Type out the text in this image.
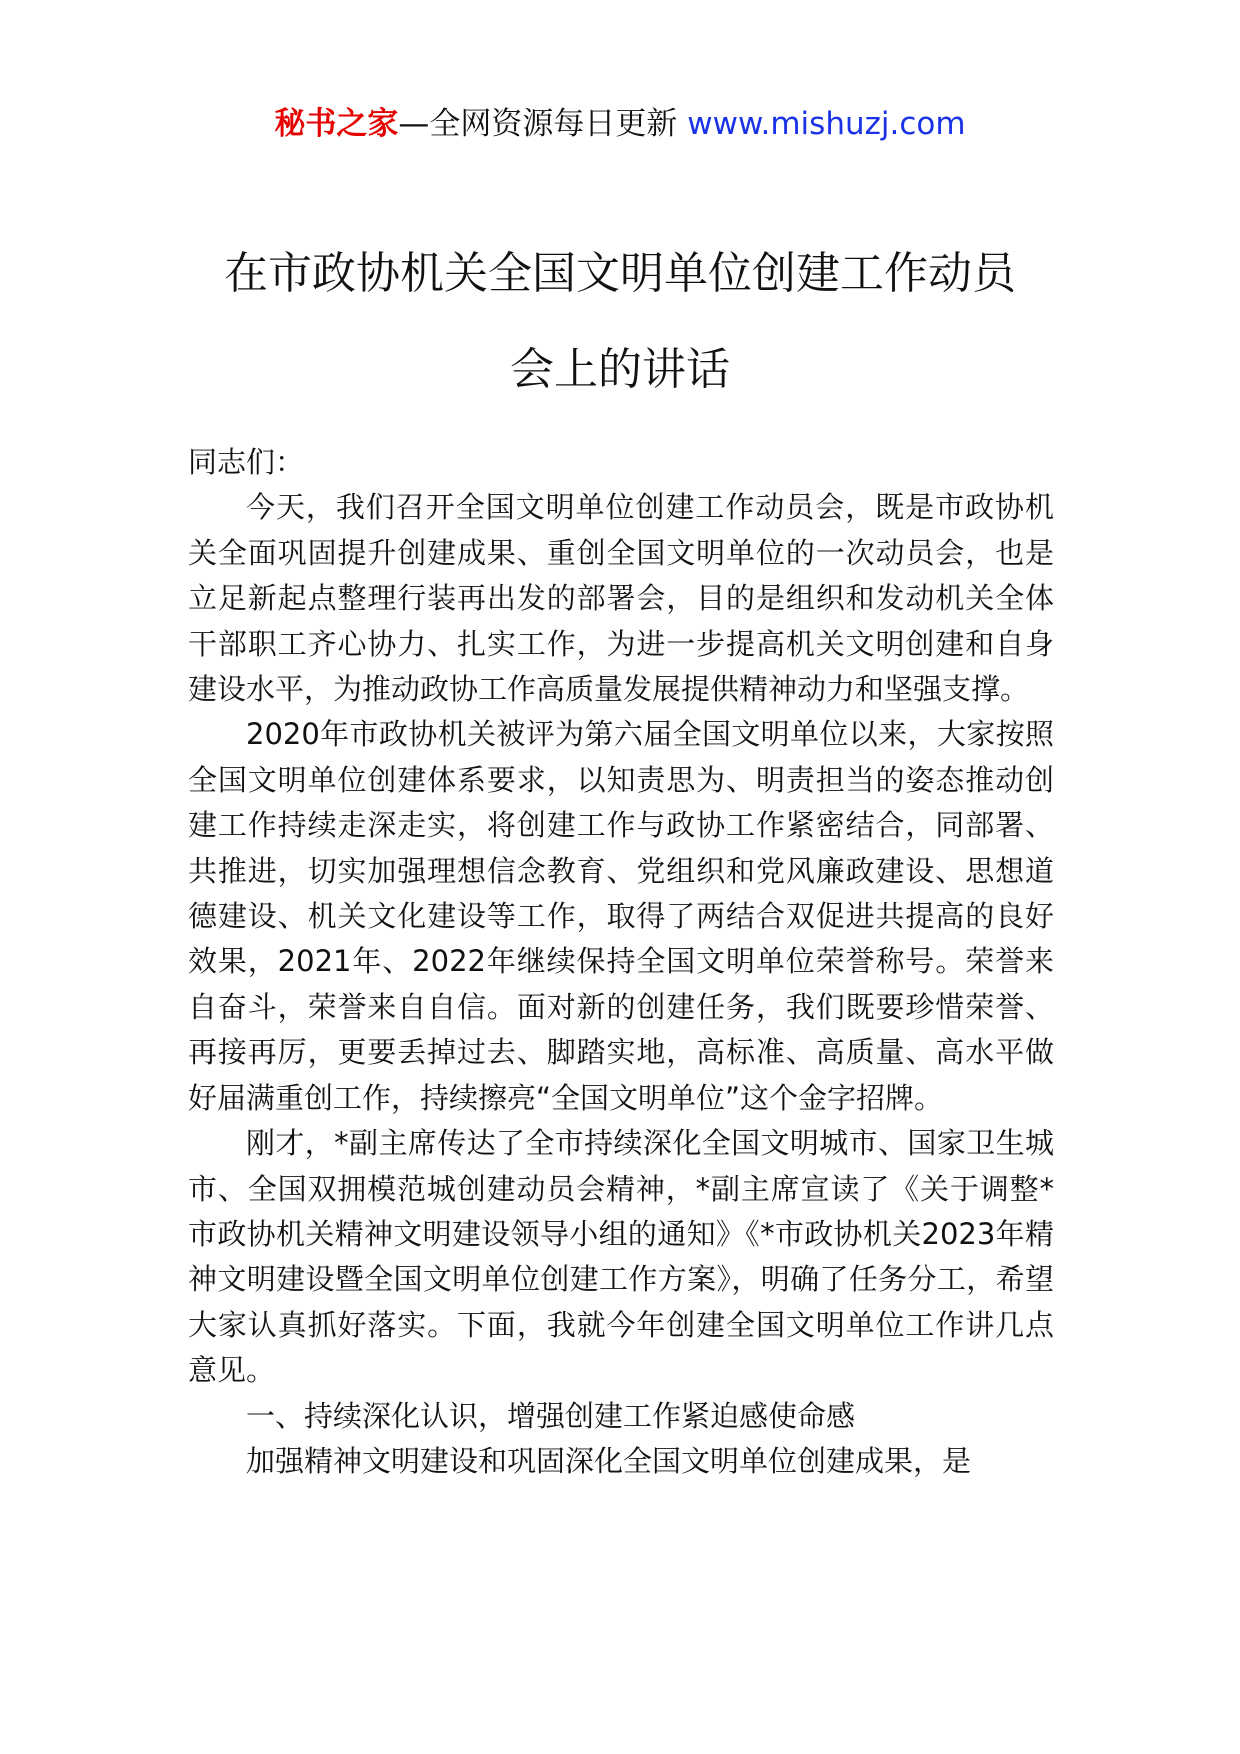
秘书之家—全网资源每日更新 www.mishuzj.com
在市政协机关全国文明单位创建工作动员
会上的讲话

同志们：

今天，我们召开全国文明单位创建工作动员会，既是市政协机关全面巩固提升创建成果、重创全国文明单位的一次动员会，也是立足新起点整理行装再出发的部署会，目的是组织和发动机关全体干部职工齐心协力、扎实工作，为进一步提高机关文明创建和自身建设水平，为推动政协工作高质量发展提供精神动力和坚强支撑。

2020年市政协机关被评为第六届全国文明单位以来，大家按照全国文明单位创建体系要求，以知责思为、明责担当的姿态推动创建工作持续走深走实，将创建工作与政协工作紧密结合，同部署、共推进，切实加强理想信念教育、党组织和党风廉政建设、思想道德建设、机关文化建设等工作，取得了两结合双促进共提高的良好效果，2021年、2022年继续保持全国文明单位荣誉称号。荣誉来自奋斗，荣誉来自自信。面对新的创建任务，我们既要珍惜荣誉、再接再厉，更要丢掉过去、脚踏实地，高标准、高质量、高水平做好届满重创工作，持续擦亮“全国文明单位”这个金字招牌。

刚才，*副主席传达了全市持续深化全国文明城市、国家卫生城市、全国双拥模范城创建动员会精神，*副主席宣读了《关于调整*市政协机关精神文明建设领导小组的通知》《*市政协机关2023年精神文明建设暨全国文明单位创建工作方案》，明确了任务分工，希望大家认真抓好落实。下面，我就今年创建全国文明单位工作讲几点意见。

一、持续深化认识，增强创建工作紧迫感使命感

加强精神文明建设和巩固深化全国文明单位创建成果，是
